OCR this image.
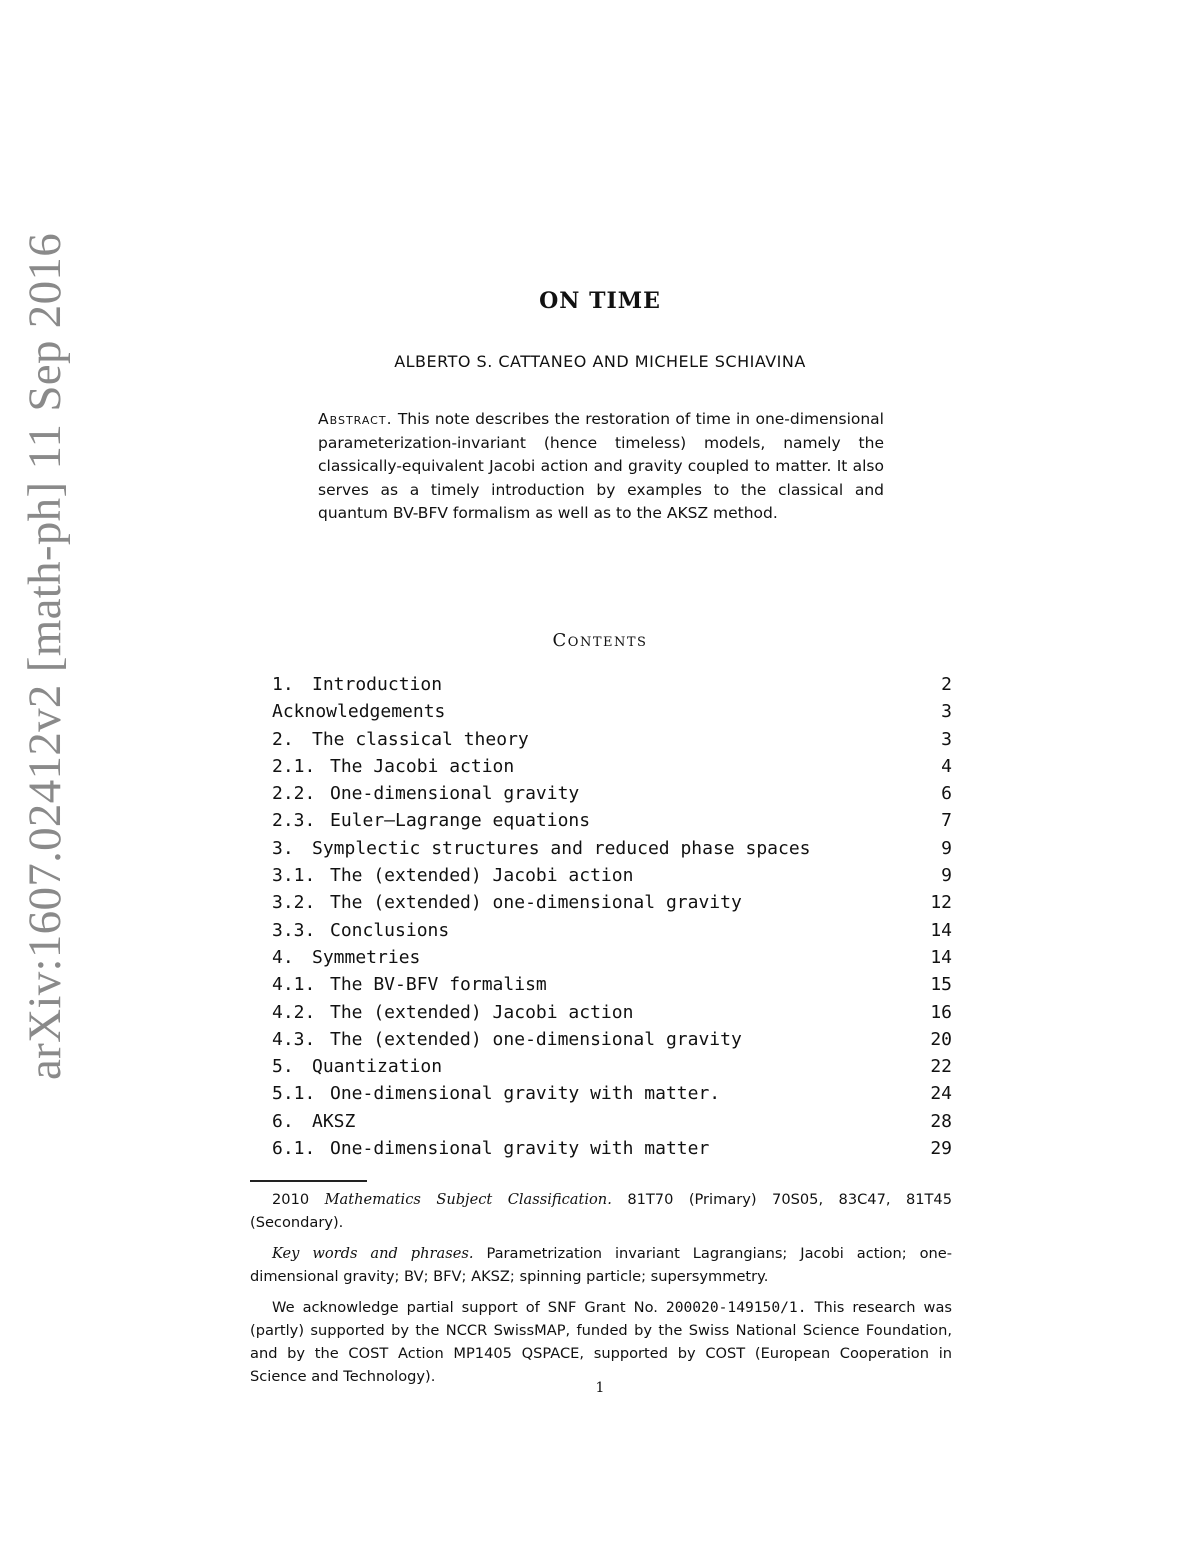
arXiv:1607.02412v2 [math-ph] 11 Sep 2016	ON TIME
ALBERTO S. CATTANEO AND MICHELE SCHIAVINA
Abstract. This note describes the restoration of time in one-dimensional parameterization-invariant (hence timeless) models, namely the classically-equivalent Jacobi action and gravity coupled to matter. It also serves as a timely introduction by examples to the classical and quantum BV-BFV formalism as well as to the AKSZ method.
Contents
1. Introduction	2
Acknowledgements	3
2. The classical theory	3
2.1. The Jacobi action	4
2.2. One-dimensional gravity	6
2.3. Euler–Lagrange equations	7
3. Symplectic structures and reduced phase spaces	9
3.1. The (extended) Jacobi action	9
3.2. The (extended) one-dimensional gravity	12
3.3. Conclusions	14
4. Symmetries	14
4.1. The BV-BFV formalism	15
4.2. The (extended) Jacobi action	16
4.3. The (extended) one-dimensional gravity	20
5. Quantization	22
5.1. One-dimensional gravity with matter.	24
6. AKSZ	28
6.1. One-dimensional gravity with matter	29

2010 Mathematics Subject Classification. 81T70 (Primary) 70S05, 83C47, 81T45 (Secondary).

Key words and phrases. Parametrization invariant Lagrangians; Jacobi action; one-dimensional gravity; BV; BFV; AKSZ; spinning particle; supersymmetry.

We acknowledge partial support of SNF Grant No. 200020-149150/1. This research was (partly) supported by the NCCR SwissMAP, funded by the Swiss National Science Foundation, and by the COST Action MP1405 QSPACE, supported by COST (European Cooperation in Science and Technology).

1
